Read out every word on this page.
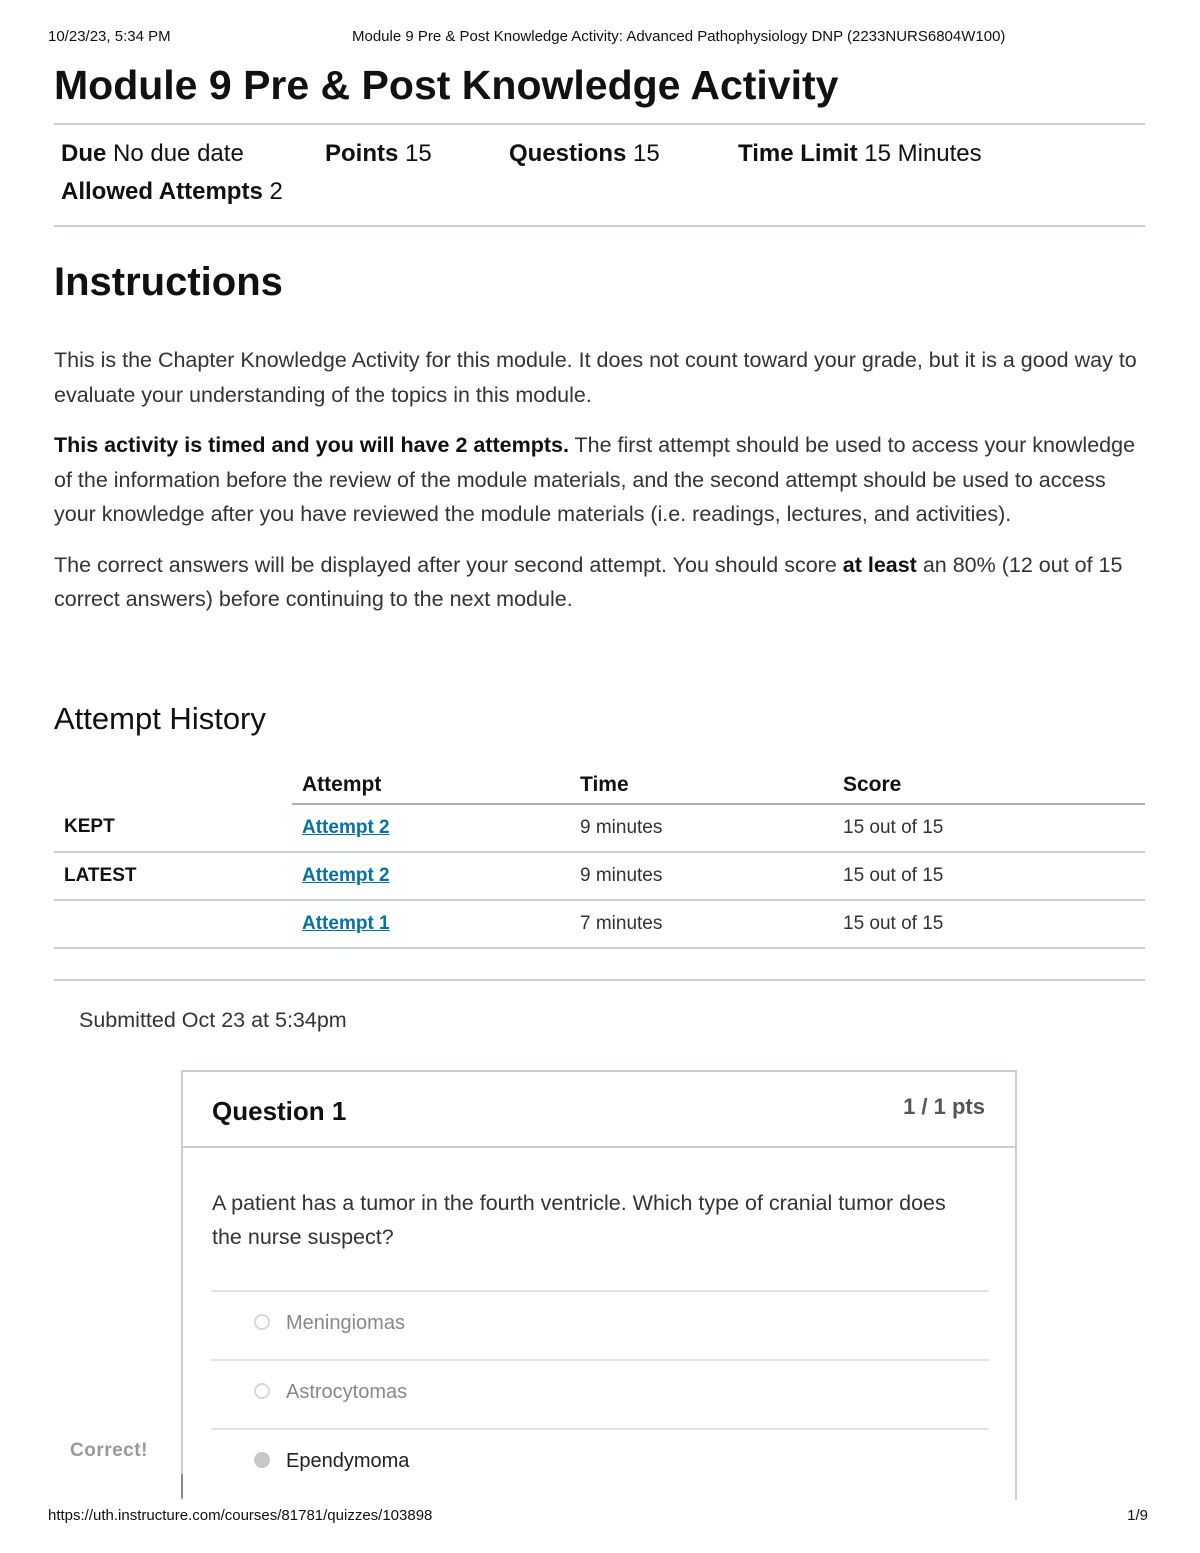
10/23/23, 5:34 PM	Module 9 Pre & Post Knowledge Activity: Advanced Pathophysiology DNP (2233NURS6804W100)
Module 9 Pre & Post Knowledge Activity
Due No due date	Points 15	Questions 15	Time Limit 15 Minutes
Allowed Attempts 2
Instructions

This is the Chapter Knowledge Activity for this module. It does not count toward your grade, but it is a good way to evaluate your understanding of the topics in this module.

This activity is timed and you will have 2 attempts. The first attempt should be used to access your knowledge of the information before the review of the module materials, and the second attempt should be used to access your knowledge after you have reviewed the module materials (i.e. readings, lectures, and activities).

The correct answers will be displayed after your second attempt. You should score at least an 80% (12 out of 15 correct answers) before continuing to the next module.

Attempt History
	Attempt	Time	Score
KEPT	Attempt 2	9 minutes	15 out of 15
LATEST	Attempt 2	9 minutes	15 out of 15
	Attempt 1	7 minutes	15 out of 15
Submitted Oct 23 at 5:34pm
Question 1	1 / 1 pts
A patient has a tumor in the fourth ventricle. Which type of cranial tumor does the nurse suspect?
Meningiomas
Astrocytomas
Ependymoma
Correct!
https://uth.instructure.com/courses/81781/quizzes/103898	1/9
